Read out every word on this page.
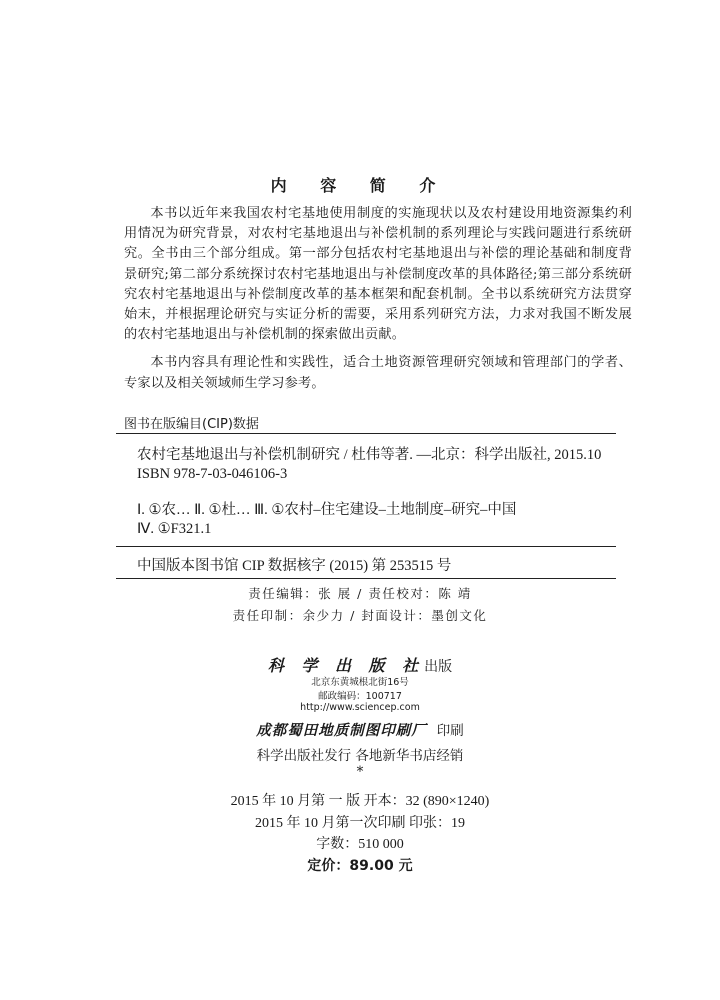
内 容 简 介

本书以近年来我国农村宅基地使用制度的实施现状以及农村建设用地资源集约利用情况为研究背景，对农村宅基地退出与补偿机制的系列理论与实践问题进行系统研究。全书由三个部分组成。第一部分包括农村宅基地退出与补偿的理论基础和制度背景研究;第二部分系统探讨农村宅基地退出与补偿制度改革的具体路径;第三部分系统研究农村宅基地退出与补偿制度改革的基本框架和配套机制。全书以系统研究方法贯穿始末，并根据理论研究与实证分析的需要，采用系列研究方法，力求对我国不断发展的农村宅基地退出与补偿机制的探索做出贡献。

本书内容具有理论性和实践性，适合土地资源管理研究领域和管理部门的学者、专家以及相关领域师生学习参考。

图书在版编目(CIP)数据
农村宅基地退出与补偿机制研究 / 杜伟等著. —北京：科学出版社, 2015.10
ISBN 978-7-03-046106-3
Ⅰ. ①农… Ⅱ. ①杜… Ⅲ. ①农村–住宅建设–土地制度–研究–中国
Ⅳ. ①F321.1
中国版本图书馆 CIP 数据核字 (2015) 第 253515 号
责任编辑：张 展 / 责任校对：陈 靖
责任印制：余少力 / 封面设计：墨创文化
科 学 出 版 社出版
北京东黄城根北街16号
邮政编码：100717
http://www.sciencep.com
成都蜀田地质制图印刷厂 印刷
科学出版社发行 各地新华书店经销
*
2015 年 10 月第 一 版 开本：32 (890×1240)
2015 年 10 月第一次印刷 印张：19
字数：510 000
定价：89.00 元
